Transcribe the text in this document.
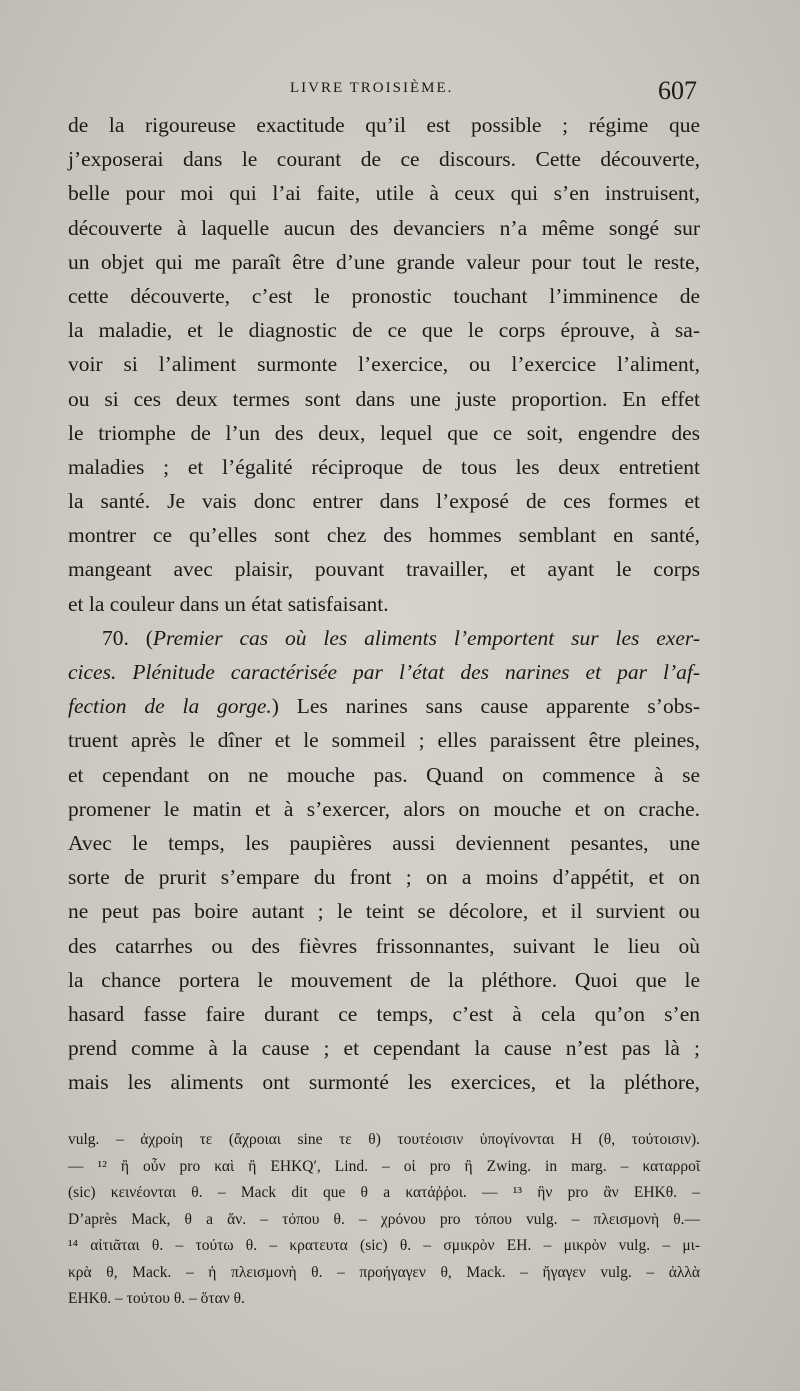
LIVRE TROISIÈME.	607
de la rigoureuse exactitude qu’il est possible ; régime que
j’exposerai dans le courant de ce discours. Cette découverte,
belle pour moi qui l’ai faite, utile à ceux qui s’en instruisent,
découverte à laquelle aucun des devanciers n’a même songé sur
un objet qui me paraît être d’une grande valeur pour tout le reste,
cette découverte, c’est le pronostic touchant l’imminence de
la maladie, et le diagnostic de ce que le corps éprouve, à sa-
voir si l’aliment surmonte l’exercice, ou l’exercice l’aliment,
ou si ces deux termes sont dans une juste proportion. En effet
le triomphe de l’un des deux, lequel que ce soit, engendre des
maladies ; et l’égalité réciproque de tous les deux entretient
la santé. Je vais donc entrer dans l’exposé de ces formes et
montrer ce qu’elles sont chez des hommes semblant en santé,
mangeant avec plaisir, pouvant travailler, et ayant le corps
et la couleur dans un état satisfaisant.
70. (Premier cas où les aliments l’emportent sur les exer-
cices. Plénitude caractérisée par l’état des narines et par l’af-
fection de la gorge.) Les narines sans cause apparente s’obs-
truent après le dîner et le sommeil ; elles paraissent être pleines,
et cependant on ne mouche pas. Quand on commence à se
promener le matin et à s’exercer, alors on mouche et on crache.
Avec le temps, les paupières aussi deviennent pesantes, une
sorte de prurit s’empare du front ; on a moins d’appétit, et on
ne peut pas boire autant ; le teint se décolore, et il survient ou
des catarrhes ou des fièvres frissonnantes, suivant le lieu où
la chance portera le mouvement de la pléthore. Quoi que le
hasard fasse faire durant ce temps, c’est à cela qu’on s’en
prend comme à la cause ; et cependant la cause n’est pas là ;
mais les aliments ont surmonté les exercices, et la pléthore,
vulg. – ἀχροίη τε (ἄχροιαι sine τε θ) τουτέοισιν ὑπογίνονται H (θ, τούτοισιν).
— ¹² ἢ οὖν pro καὶ ἢ EHKQ′, Lind. – οἱ pro ἢ Zwing. in marg. – καταρροῖ
(sic) κεινέονται θ. – Mack dit que θ a κατάῤῥοι. — ¹³ ἣν pro ἂν EHKθ. –
D’après Mack, θ a ἄν. – τόπου θ. – χρόνου pro τόπου vulg. – πλεισμονὴ θ.—
¹⁴ αἰτιᾶται θ. – τούτω θ. – κρατευτα (sic) θ. – σμικρὸν EH. – μικρὸν vulg. – μι-
κρὰ θ, Mack. – ἡ πλεισμονὴ θ. – προήγαγεν θ, Mack. – ἤγαγεν vulg. – ἀλλὰ
EHKθ. – τούτου θ. – ὅταν θ.
